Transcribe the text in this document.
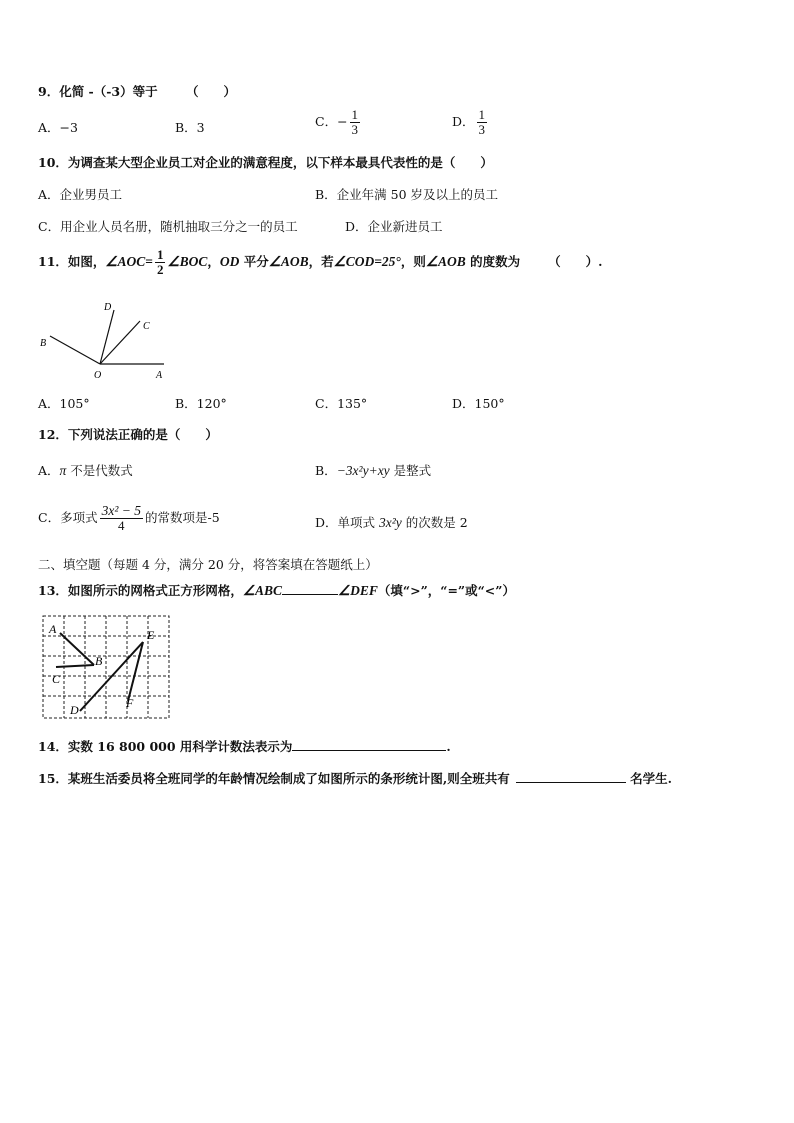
9．化简 -（-3）等于 （　　）
A．−3	B．3	C．− $\frac{1}{3}$	D． $\frac{1}{3}$
10．为调查某大型企业员工对企业的满意程度，以下样本最具代表性的是（　　）
A．企业男员工	B．企业年满 50 岁及以上的员工
C．用企业人员名册，随机抽取三分之一的员工	D．企业新进员工
11．如图，∠AOC= $\frac{1}{2}$ ∠BOC，OD 平分∠AOB，若∠COD=25°，则∠AOB 的度数为 （　　）.
D
C
B
O	A
A．105°	B．120°	C．135°	D．150°
12．下列说法正确的是（　　）
A．π 不是代数式	B．−3x²y+xy 是整式
C．多项式 $\frac{\text{3x² − 5}}{4}$ 的常数项是-5	D．单项式 3x²y 的次数是 2
二、填空题（每题 4 分，满分 20 分，将答案填在答题纸上）
13．如图所示的网格式正方形网格，∠ABC	∠DEF（填“>”，“=”或“<”）
A
B
C
D
E
F
14．实数 16 800 000 用科学计数法表示为	.
15．某班生活委员将全班同学的年龄情况绘制成了如图所示的条形统计图,则全班共有	名学生.
